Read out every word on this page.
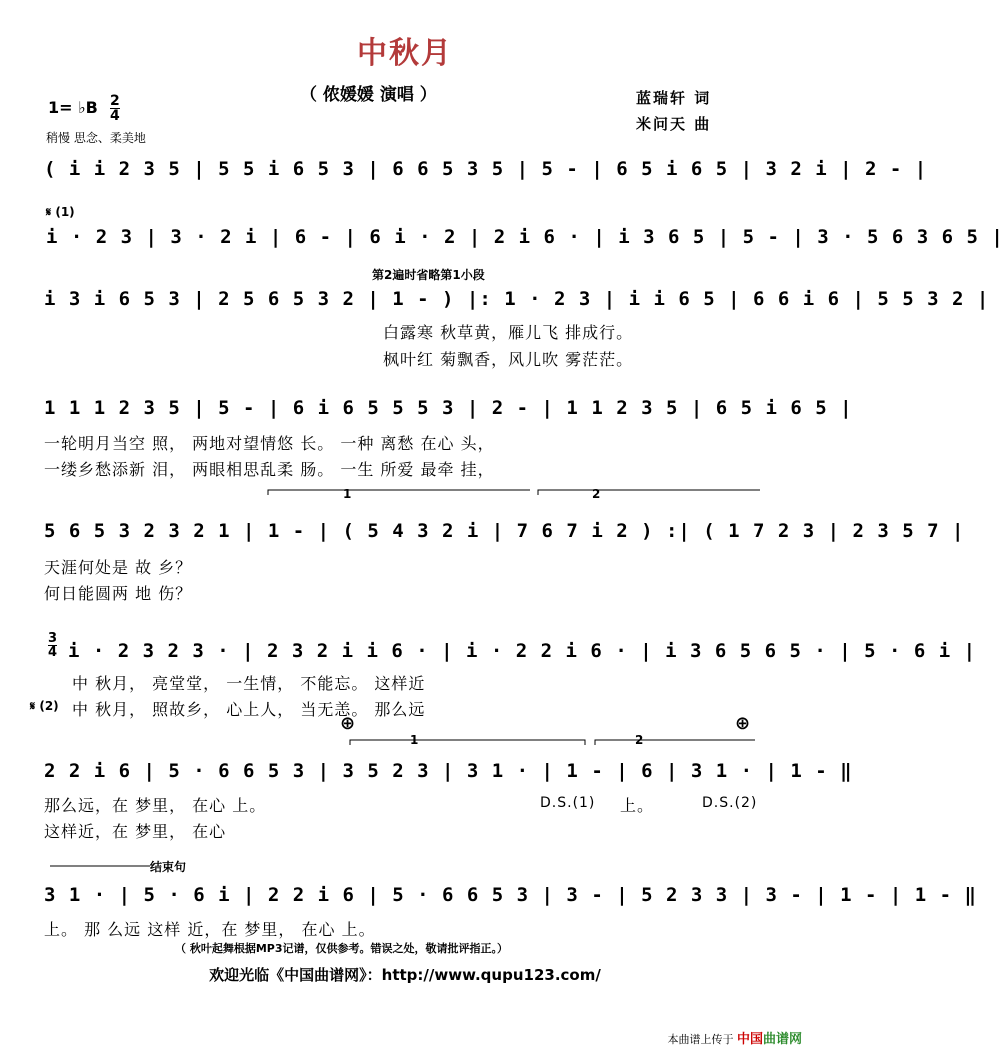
中秋月
（ 侬媛媛 演唱 ）	蓝瑞轩 词
米问天 曲
1= ♭B 2
4
稍慢 思念、柔美地
( i i 2 3 5 | 5 5 i 6 5 3 | 6 6 5 3 5 | 5 - | 6 5 i 6 5 | 3 2 i | 2 - |
𝄋 (1)
i · 2 3 | 3 · 2 i | 6 - | 6 i · 2 | 2 i 6 · | i 3 6 5 | 5 - | 3 · 5 6 3 6 5 |
第2遍时省略第1小段
i 3 i 6 5 3 | 2 5 6 5 3 2 | 1 - ) |: 1 · 2 3 | i i 6 5 | 6 6 i 6 | 5 5 3 2 |
白露寒 秋草黄，雁儿飞 排成行。
枫叶红 菊飘香，风儿吹 雾茫茫。
1 1 1 2 3 5 | 5 - | 6 i 6 5 5 5 3 | 2 - | 1 1 2 3 5 | 6 5 i 6 5 |
一轮明月当空 照， 两地对望情悠 长。 一种 离愁 在心 头，
一缕乡愁添新 泪， 两眼相思乱柔 肠。 一生 所爱 最牵 挂，
1	2
5 6 5 3 2 3 2 1 | 1 - | ( 5 4 3 2 i | 7 6 7 i 2 ) :| ( 1 7 2 3 | 2 3 5 7 |
天涯何处是 故 乡？
何日能圆两 地 伤？
3
4 i · 2 3 2 3 · | 2 3 2 i i 6 · | i · 2 2 i 6 · | i 3 6 5 6 5 · | 5 · 6 i |
中 秋月， 亮堂堂， 一生情， 不能忘。 这样近
𝄋 (2) 中 秋月， 照故乡， 心上人， 当无恙。 那么远
⊕	⊕
1	2
2 2 i 6 | 5 · 6 6 5 3 | 3 5 2 3 | 3 1 · | 1 - | 6 | 3 1 · | 1 - ‖
那么远，在 梦里， 在心 上。	D.S.(1) 上。	D.S.(2)
这样近，在 梦里， 在心
结束句
3 1 · | 5 · 6 i | 2 2 i 6 | 5 · 6 6 5 3 | 3 - | 5 2 3 3 | 3 - | 1 - | 1 - ‖
上。 那 么远 这样 近，在 梦里， 在心 上。
（ 秋叶起舞根据MP3记谱，仅供参考。错误之处，敬请批评指正。）
欢迎光临《中国曲谱网》：http://www.qupu123.com/
本曲谱上传于 中国曲谱网
